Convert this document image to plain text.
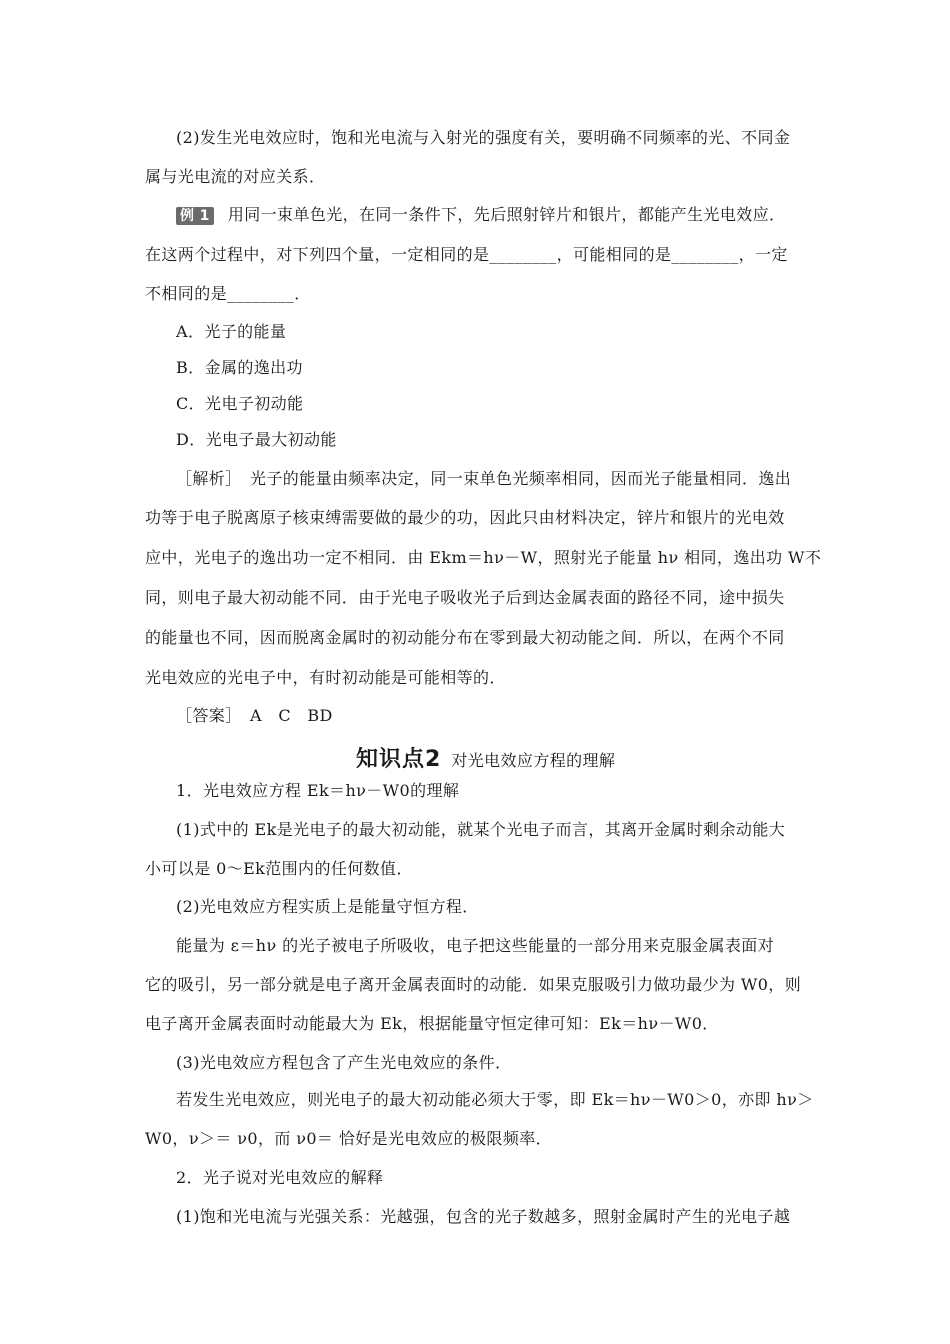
(2)发生光电效应时，饱和光电流与入射光的强度有关，要明确不同频率的光、不同金
属与光电流的对应关系．
例 1 用同一束单色光，在同一条件下，先后照射锌片和银片，都能产生光电效应．
在这两个过程中，对下列四个量，一定相同的是________，可能相同的是________，一定
不相同的是________．
A．光子的能量
B．金属的逸出功
C．光电子初动能
D．光电子最大初动能
［解析］　光子的能量由频率决定，同一束单色光频率相同，因而光子能量相同．逸出
功等于电子脱离原子核束缚需要做的最少的功，因此只由材料决定，锌片和银片的光电效
应中，光电子的逸出功一定不相同．由 Ekm＝hν－W，照射光子能量 hν 相同，逸出功 W不
同，则电子最大初动能不同．由于光电子吸收光子后到达金属表面的路径不同，途中损失
的能量也不同，因而脱离金属时的初动能分布在零到最大初动能之间．所以，在两个不同
光电效应的光电子中，有时初动能是可能相等的．
［答案］　A　C　BD
知识点2 对光电效应方程的理解
1．光电效应方程 Ek＝hν－W0的理解
(1)式中的 Ek是光电子的最大初动能，就某个光电子而言，其离开金属时剩余动能大
小可以是 0～Ek范围内的任何数值．
(2)光电效应方程实质上是能量守恒方程．
能量为 ε＝hν 的光子被电子所吸收，电子把这些能量的一部分用来克服金属表面对
它的吸引，另一部分就是电子离开金属表面时的动能．如果克服吸引力做功最少为 W0，则
电子离开金属表面时动能最大为 Ek，根据能量守恒定律可知：Ek＝hν－W0．
(3)光电效应方程包含了产生光电效应的条件．
若发生光电效应，则光电子的最大初动能必须大于零，即 Ek＝hν－W0＞0，亦即 hν＞
W0，ν＞＝ ν0，而 ν0＝ 恰好是光电效应的极限频率．
2．光子说对光电效应的解释
(1)饱和光电流与光强关系：光越强，包含的光子数越多，照射金属时产生的光电子越
